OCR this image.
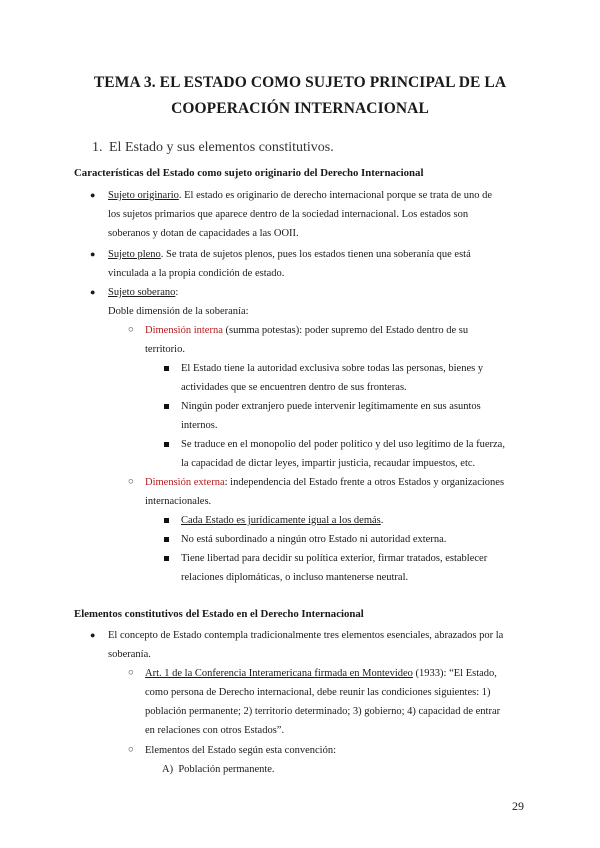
TEMA 3. EL ESTADO COMO SUJETO PRINCIPAL DE LA
COOPERACIÓN INTERNACIONAL
1. El Estado y sus elementos constitutivos.
Características del Estado como sujeto originario del Derecho Internacional
● Sujeto originario. El estado es originario de derecho internacional porque se trata de uno de
los sujetos primarios que aparece dentro de la sociedad internacional. Los estados son
soberanos y dotan de capacidades a las OOII.
● Sujeto pleno. Se trata de sujetos plenos, pues los estados tienen una soberanía que está
vinculada a la propia condición de estado.
● Sujeto soberano:
Doble dimensión de la soberanía:
○ Dimensión interna (summa potestas): poder supremo del Estado dentro de su
territorio.
El Estado tiene la autoridad exclusiva sobre todas las personas, bienes y
actividades que se encuentren dentro de sus fronteras.
Ningún poder extranjero puede intervenir legítimamente en sus asuntos
internos.
Se traduce en el monopolio del poder político y del uso legítimo de la fuerza,
la capacidad de dictar leyes, impartir justicia, recaudar impuestos, etc.
○ Dimensión externa: independencia del Estado frente a otros Estados y organizaciones
internacionales.
Cada Estado es jurídicamente igual a los demás.
No está subordinado a ningún otro Estado ni autoridad externa.
Tiene libertad para decidir su política exterior, firmar tratados, establecer
relaciones diplomáticas, o incluso mantenerse neutral.
Elementos constitutivos del Estado en el Derecho Internacional
● El concepto de Estado contempla tradicionalmente tres elementos esenciales, abrazados por la
soberanía.
○ Art. 1 de la Conferencia Interamericana firmada en Montevideo (1933): “El Estado,
como persona de Derecho internacional, debe reunir las condiciones siguientes: 1)
población permanente; 2) territorio determinado; 3) gobierno; 4) capacidad de entrar
en relaciones con otros Estados”.
○ Elementos del Estado según esta convención:
A) Población permanente.
29
